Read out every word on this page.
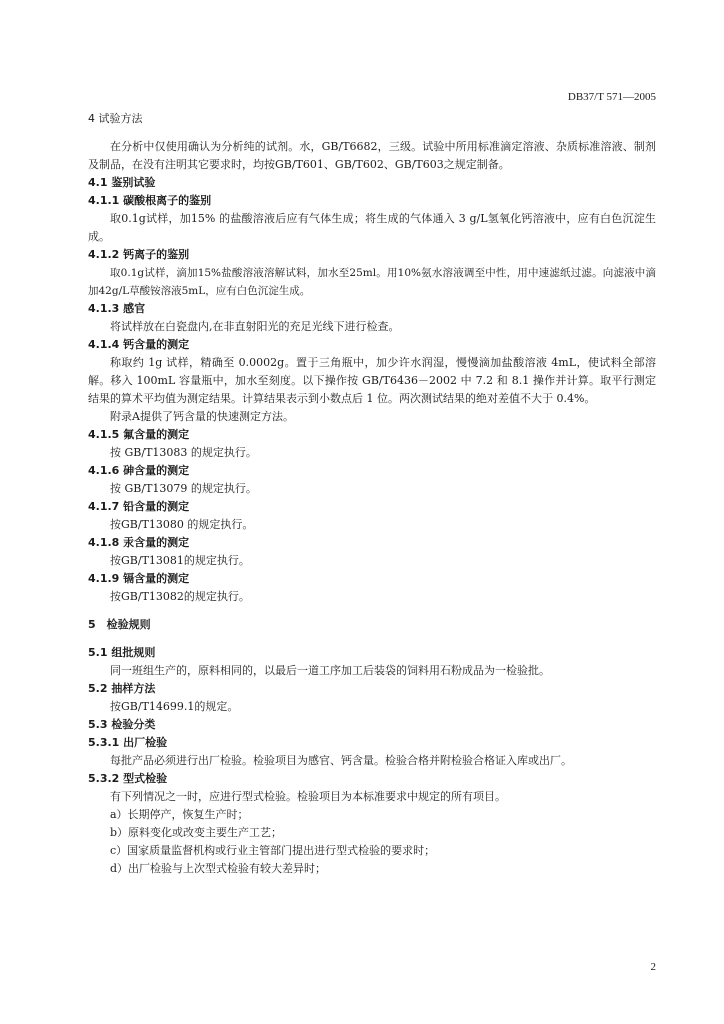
DB37/T 571—2005
4 试验方法

在分析中仅使用确认为分析纯的试剂。水，GB/T6682，三级。试验中所用标准滴定溶液、杂质标准溶液、制剂及制品，在没有注明其它要求时，均按GB/T601、GB/T602、GB/T603之规定制备。

4.1 鉴别试验
4.1.1 碳酸根离子的鉴别

取0.1g试样，加15% 的盐酸溶液后应有气体生成；将生成的气体通入 3 g/L氢氧化钙溶液中，应有白色沉淀生成。

4.1.2 钙离子的鉴别

取0.1g试样，滴加15%盐酸溶液溶解试料，加水至25ml。用10%氨水溶液调至中性，用中速滤纸过滤。向滤液中滴加42g/L草酸铵溶液5mL，应有白色沉淀生成。

4.1.3 感官

将试样放在白瓷盘内,在非直射阳光的充足光线下进行检查。

4.1.4 钙含量的测定

称取约 1g 试样，精确至 0.0002g。置于三角瓶中，加少许水润湿，慢慢滴加盐酸溶液 4mL，使试料全部溶解。移入 100mL 容量瓶中，加水至刻度。以下操作按 GB/T6436－2002 中 7.2 和 8.1 操作并计算。取平行测定结果的算术平均值为测定结果。计算结果表示到小数点后 1 位。两次测试结果的绝对差值不大于 0.4%。

附录A提供了钙含量的快速测定方法。

4.1.5 氟含量的测定

按 GB/T13083 的规定执行。

4.1.6 砷含量的测定

按 GB/T13079 的规定执行。

4.1.7 铅含量的测定

按GB/T13080 的规定执行。

4.1.8 汞含量的测定

按GB/T13081的规定执行。

4.1.9 镉含量的测定

按GB/T13082的规定执行。

5　检验规则
5.1 组批规则

同一班组生产的，原料相同的，以最后一道工序加工后装袋的饲料用石粉成品为一检验批。

5.2 抽样方法

按GB/T14699.1的规定。

5.3 检验分类
5.3.1 出厂检验

每批产品必须进行出厂检验。检验项目为感官、钙含量。检验合格并附检验合格证入库或出厂。

5.3.2 型式检验

有下列情况之一时，应进行型式检验。检验项目为本标准要求中规定的所有项目。

a）长期停产，恢复生产时；

b）原料变化或改变主要生产工艺；

c）国家质量监督机构或行业主管部门提出进行型式检验的要求时；

d）出厂检验与上次型式检验有较大差异时；

2
